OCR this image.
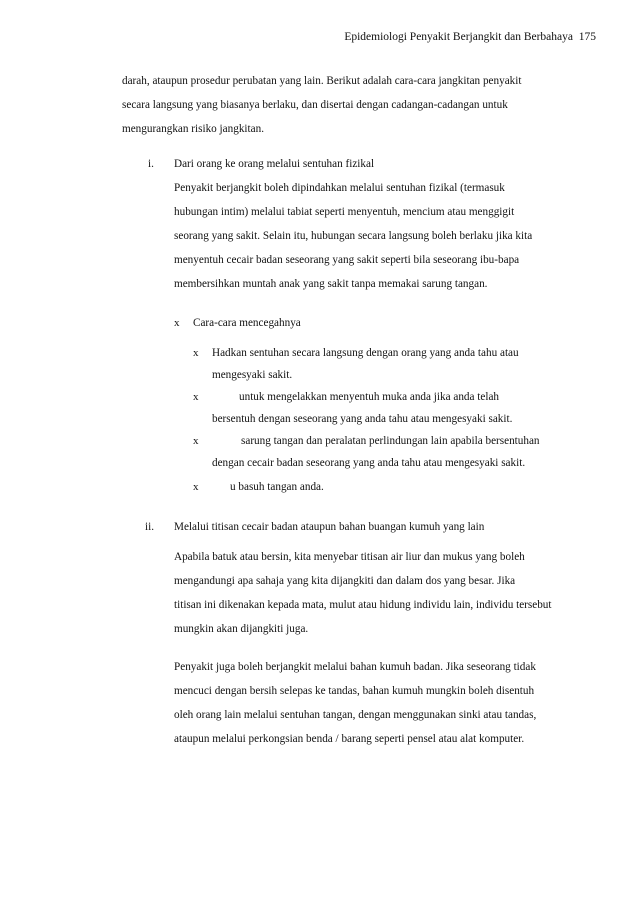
Epidemiologi Penyakit Berjangkit dan Berbahaya 175
darah, ataupun prosedur perubatan yang lain. Berikut adalah cara-cara jangkitan penyakit
secara langsung yang biasanya berlaku, dan disertai dengan cadangan-cadangan untuk
mengurangkan risiko jangkitan.
i. Dari orang ke orang melalui sentuhan fizikal
Penyakit berjangkit boleh dipindahkan melalui sentuhan fizikal (termasuk
hubungan intim) melalui tabiat seperti menyentuh, mencium atau menggigit
seorang yang sakit. Selain itu, hubungan secara langsung boleh berlaku jika kita
menyentuh cecair badan seseorang yang sakit seperti bila seseorang ibu-bapa
membersihkan muntah anak yang sakit tanpa memakai sarung tangan.
x Cara-cara mencegahnya
x Hadkan sentuhan secara langsung dengan orang yang anda tahu atau
mengesyaki sakit.
x	untuk mengelakkan menyentuh muka anda jika anda telah
bersentuh dengan seseorang yang anda tahu atau mengesyaki sakit.
x	sarung tangan dan peralatan perlindungan lain apabila bersentuhan
dengan cecair badan seseorang yang anda tahu atau mengesyaki sakit.
x	u basuh tangan anda.
ii. Melalui titisan cecair badan ataupun bahan buangan kumuh yang lain
Apabila batuk atau bersin, kita menyebar titisan air liur dan mukus yang boleh
mengandungi apa sahaja yang kita dijangkiti dan dalam dos yang besar. Jika
titisan ini dikenakan kepada mata, mulut atau hidung individu lain, individu tersebut
mungkin akan dijangkiti juga.
Penyakit juga boleh berjangkit melalui bahan kumuh badan. Jika seseorang tidak
mencuci dengan bersih selepas ke tandas, bahan kumuh mungkin boleh disentuh
oleh orang lain melalui sentuhan tangan, dengan menggunakan sinki atau tandas,
ataupun melalui perkongsian benda / barang seperti pensel atau alat komputer.
